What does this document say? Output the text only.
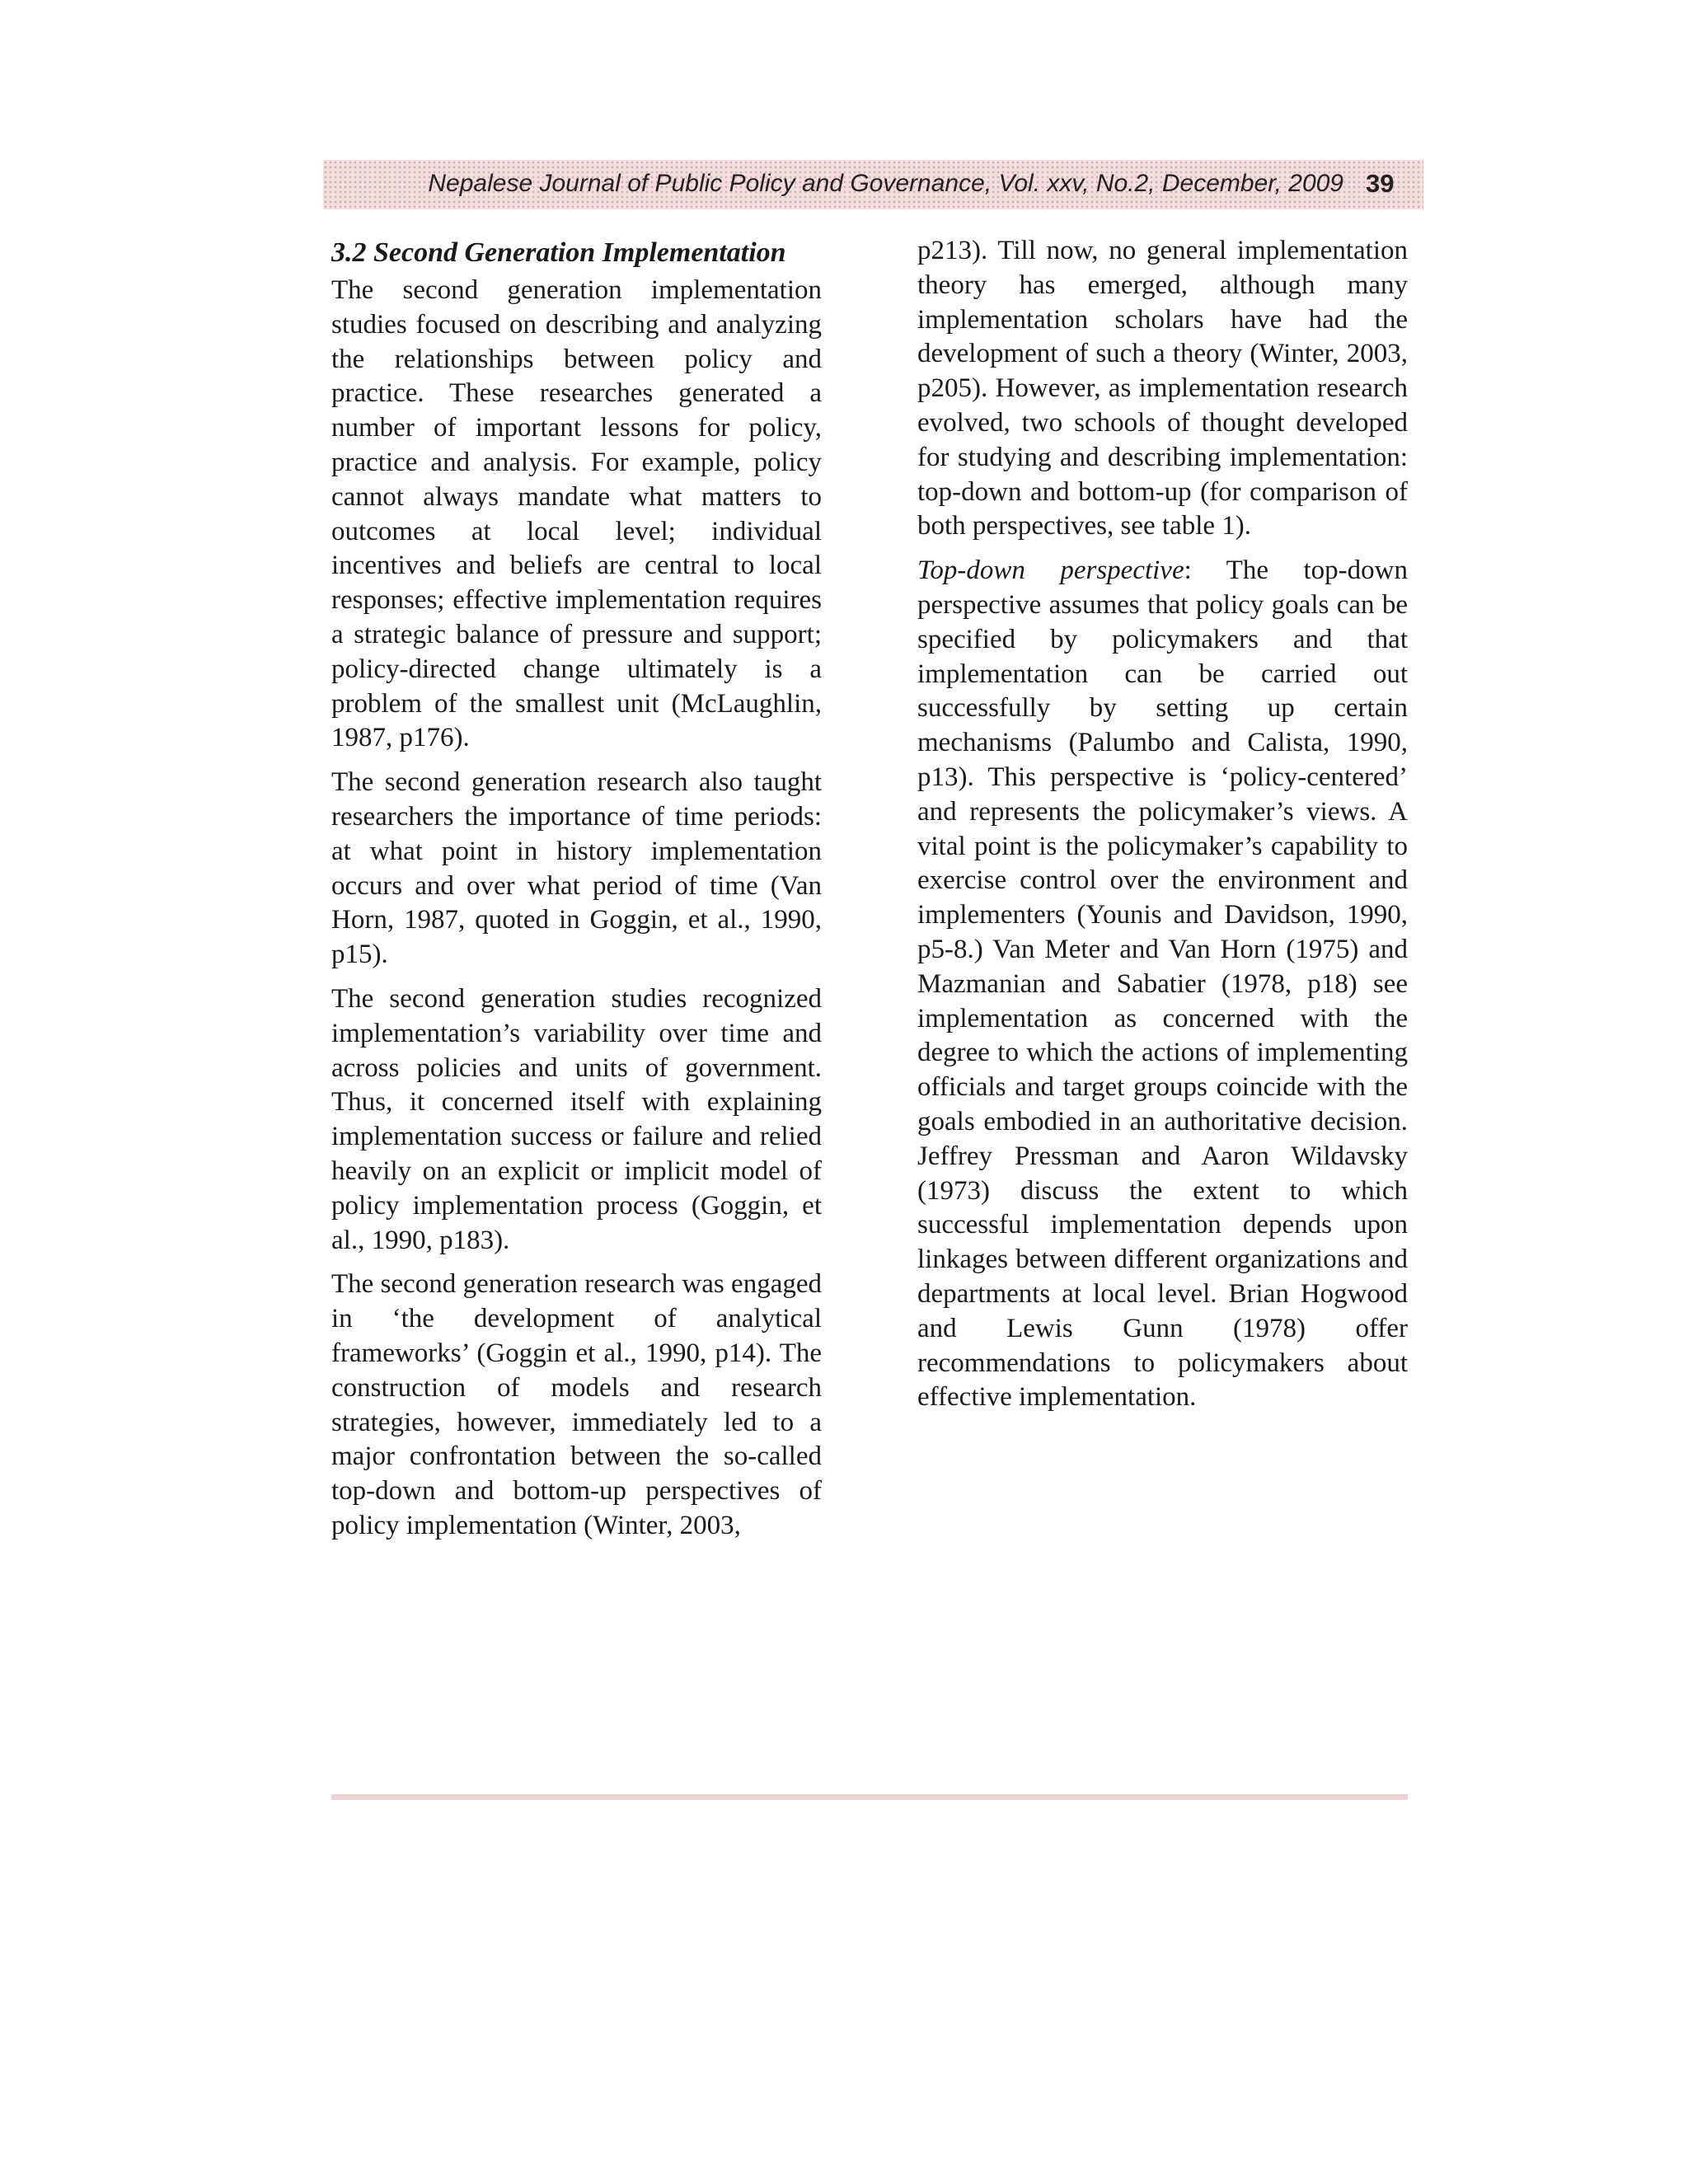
Nepalese Journal of Public Policy and Governance, Vol. xxv, No.2, December, 2009 39
3.2 Second Generation Implementation

The second generation implementation studies focused on describing and analyzing the relationships between policy and practice. These researches generated a number of important lessons for policy, practice and analysis. For example, policy cannot always mandate what matters to outcomes at local level; individual incentives and beliefs are central to local responses; effective implementation requires a strategic balance of pressure and support; policy-directed change ultimately is a problem of the smallest unit (McLaughlin, 1987, p176).

The second generation research also taught researchers the importance of time periods: at what point in history implementation occurs and over what period of time (Van Horn, 1987, quoted in Goggin, et al., 1990, p15).

The second generation studies recognized implementation’s variability over time and across policies and units of government. Thus, it concerned itself with explaining implementation success or failure and relied heavily on an explicit or implicit model of policy implementation process (Goggin, et al., 1990, p183).

The second generation research was engaged in ‘the development of analytical frameworks’ (Goggin et al., 1990, p14). The construction of models and research strategies, however, immediately led to a major confrontation between the so-called top-down and bottom-up perspectives of policy implementation (Winter, 2003,

p213). Till now, no general implementation theory has emerged, although many implementation scholars have had the development of such a theory (Winter, 2003, p205). However, as implementation research evolved, two schools of thought developed for studying and describing implementation: top-down and bottom-up (for comparison of both perspectives, see table 1).

Top-down perspective: The top-down perspective assumes that policy goals can be specified by policymakers and that implementation can be carried out successfully by setting up certain mechanisms (Palumbo and Calista, 1990, p13). This perspective is ‘policy-centered’ and represents the policymaker’s views. A vital point is the policymaker’s capability to exercise control over the environment and implementers (Younis and Davidson, 1990, p5-8.) Van Meter and Van Horn (1975) and Mazmanian and Sabatier (1978, p18) see implementation as concerned with the degree to which the actions of implementing officials and target groups coincide with the goals embodied in an authoritative decision. Jeffrey Pressman and Aaron Wildavsky (1973) discuss the extent to which successful implementation depends upon linkages between different organizations and departments at local level. Brian Hogwood and Lewis Gunn (1978) offer recommendations to policymakers about effective implementation.
